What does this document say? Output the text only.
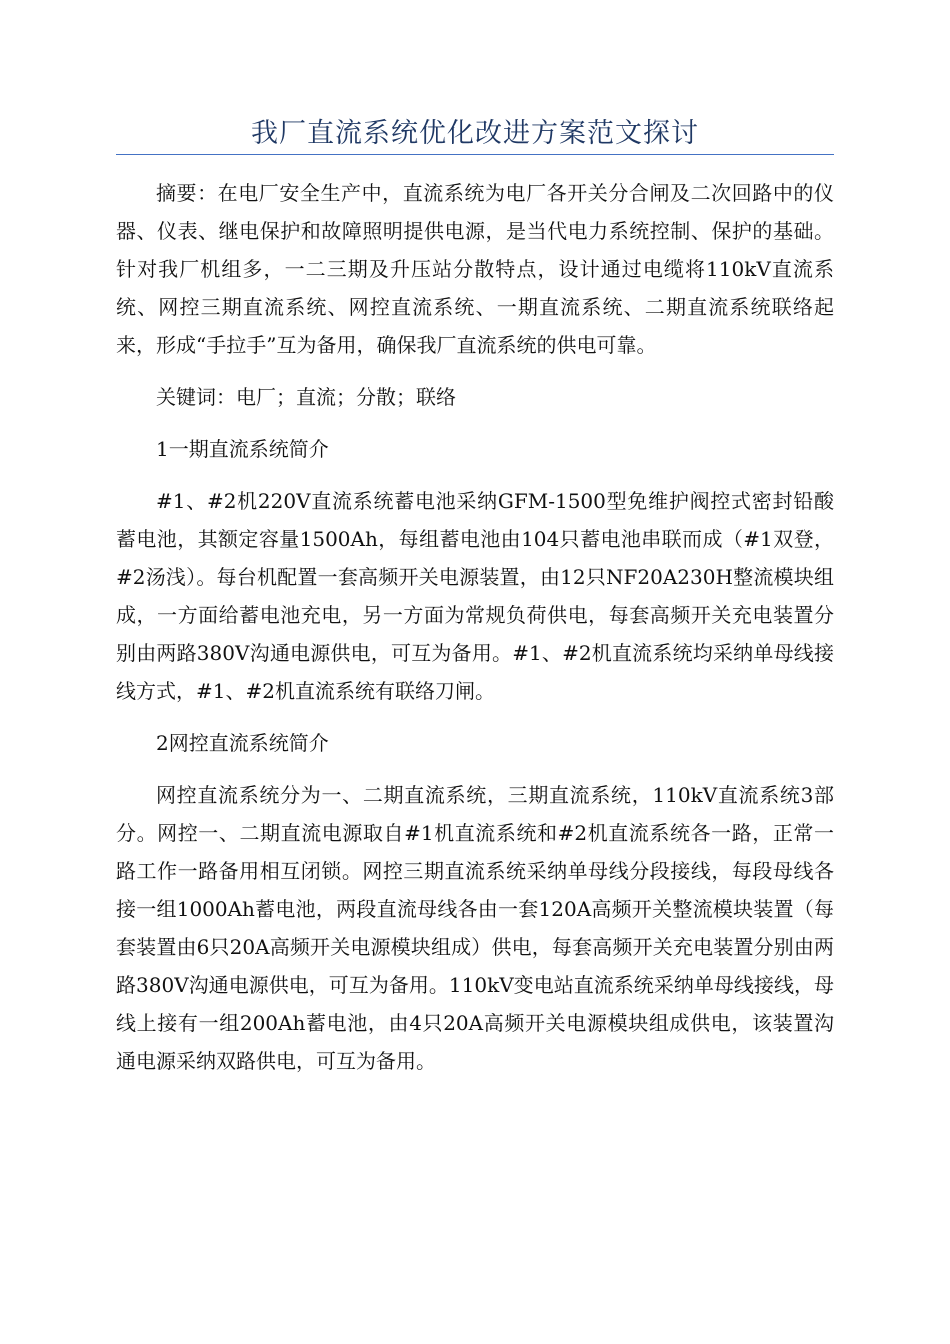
我厂直流系统优化改进方案范文探讨

摘要：在电厂安全生产中，直流系统为电厂各开关分合闸及二次回路中的仪器、仪表、继电保护和故障照明提供电源，是当代电力系统控制、保护的基础。针对我厂机组多，一二三期及升压站分散特点，设计通过电缆将110kV直流系统、网控三期直流系统、网控直流系统、一期直流系统、二期直流系统联络起来，形成“手拉手”互为备用，确保我厂直流系统的供电可靠。

关键词：电厂；直流；分散；联络

1一期直流系统简介

#1、#2机220V直流系统蓄电池采纳GFM-1500型免维护阀控式密封铅酸蓄电池，其额定容量1500Ah，每组蓄电池由104只蓄电池串联而成（#1双登，#2汤浅）。每台机配置一套高频开关电源装置，由12只NF20A230H整流模块组成，一方面给蓄电池充电，另一方面为常规负荷供电，每套高频开关充电装置分别由两路380V沟通电源供电，可互为备用。#1、#2机直流系统均采纳单母线接线方式，#1、#2机直流系统有联络刀闸。

2网控直流系统简介

网控直流系统分为一、二期直流系统，三期直流系统，110kV直流系统3部分。网控一、二期直流电源取自#1机直流系统和#2机直流系统各一路，正常一路工作一路备用相互闭锁。网控三期直流系统采纳单母线分段接线，每段母线各接一组1000Ah蓄电池，两段直流母线各由一套120A高频开关整流模块装置（每套装置由6只20A高频开关电源模块组成）供电，每套高频开关充电装置分别由两路380V沟通电源供电，可互为备用。110kV变电站直流系统采纳单母线接线，母线上接有一组200Ah蓄电池，由4只20A高频开关电源模块组成供电，该装置沟通电源采纳双路供电，可互为备用。
